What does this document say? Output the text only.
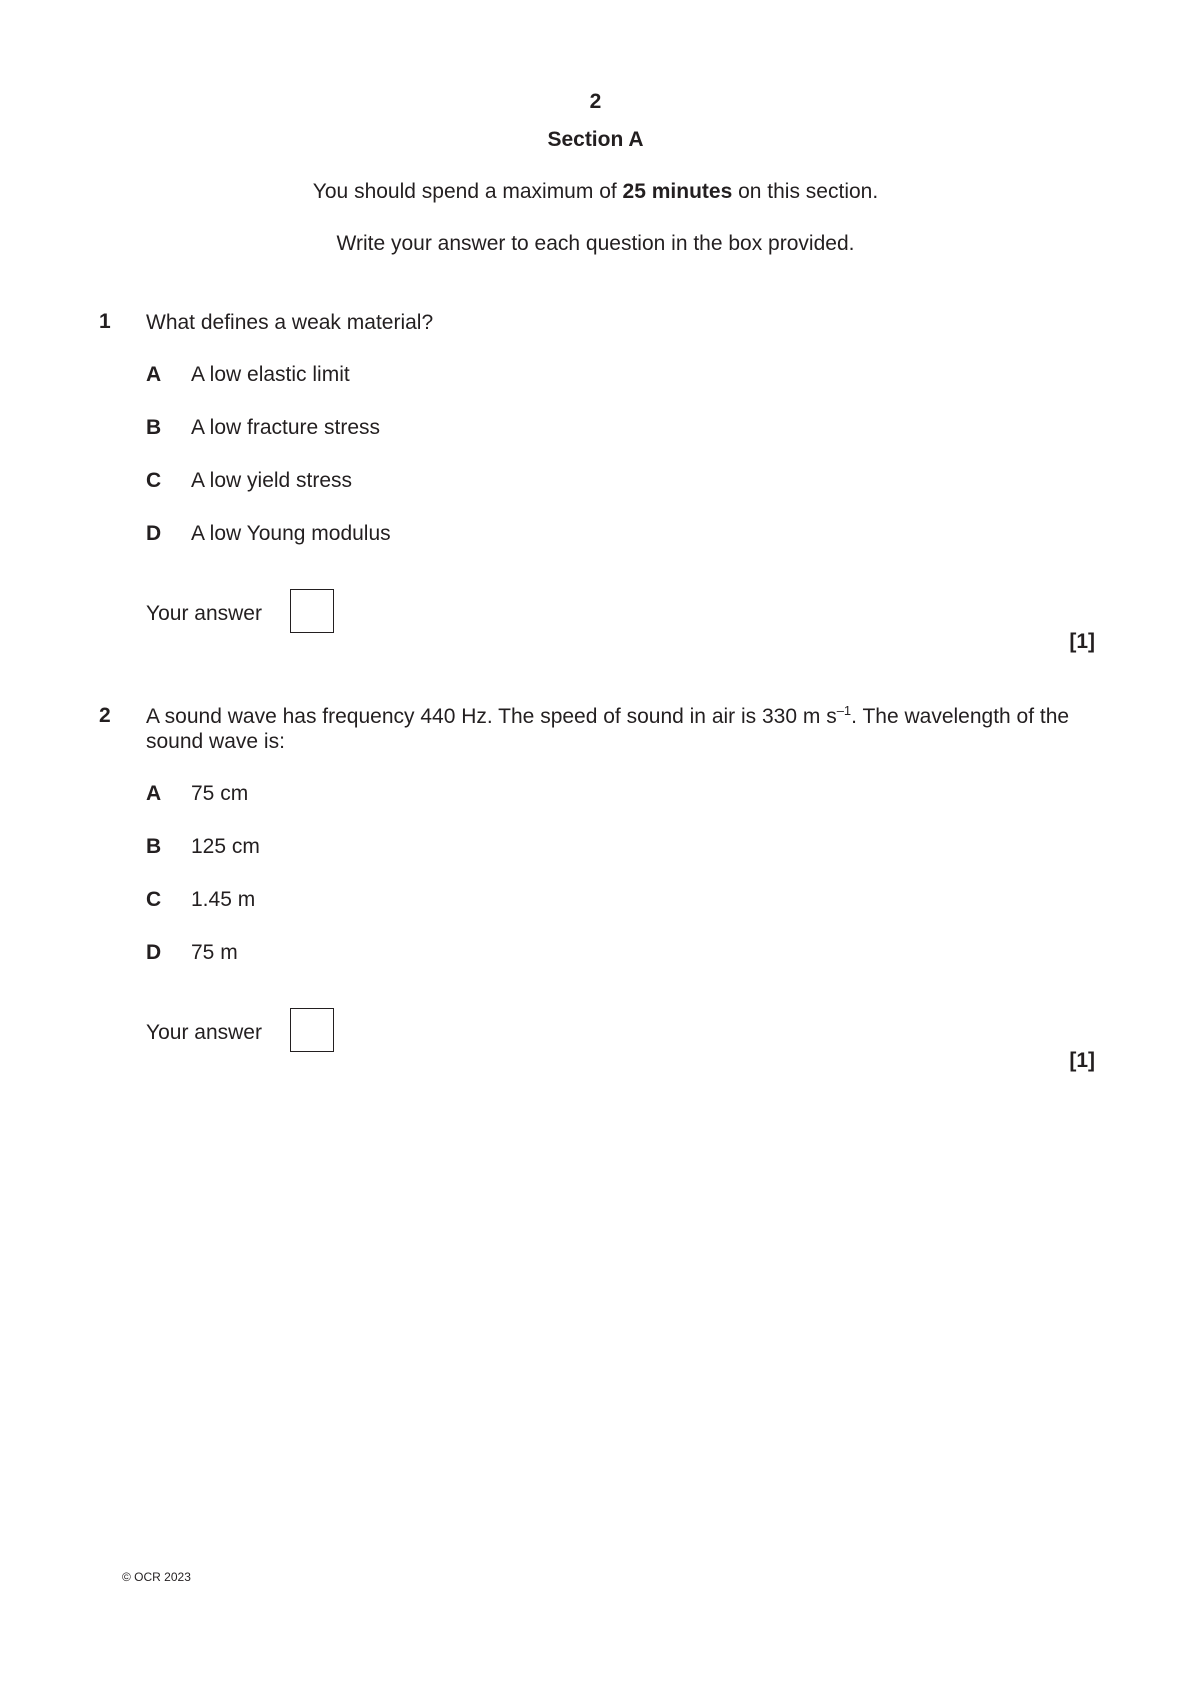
2
Section A
You should spend a maximum of 25 minutes on this section.
Write your answer to each question in the box provided.
1 What defines a weak material?
A A low elastic limit
B A low fracture stress
C A low yield stress
D A low Young modulus
Your answer
[1]
2 A sound wave has frequency 440 Hz. The speed of sound in air is 330 m $s^{-1}$. The wavelength of the sound wave is:
A 75 cm
B 125 cm
C 1.45 m
D 75 m
Your answer
[1]
© OCR 2023
